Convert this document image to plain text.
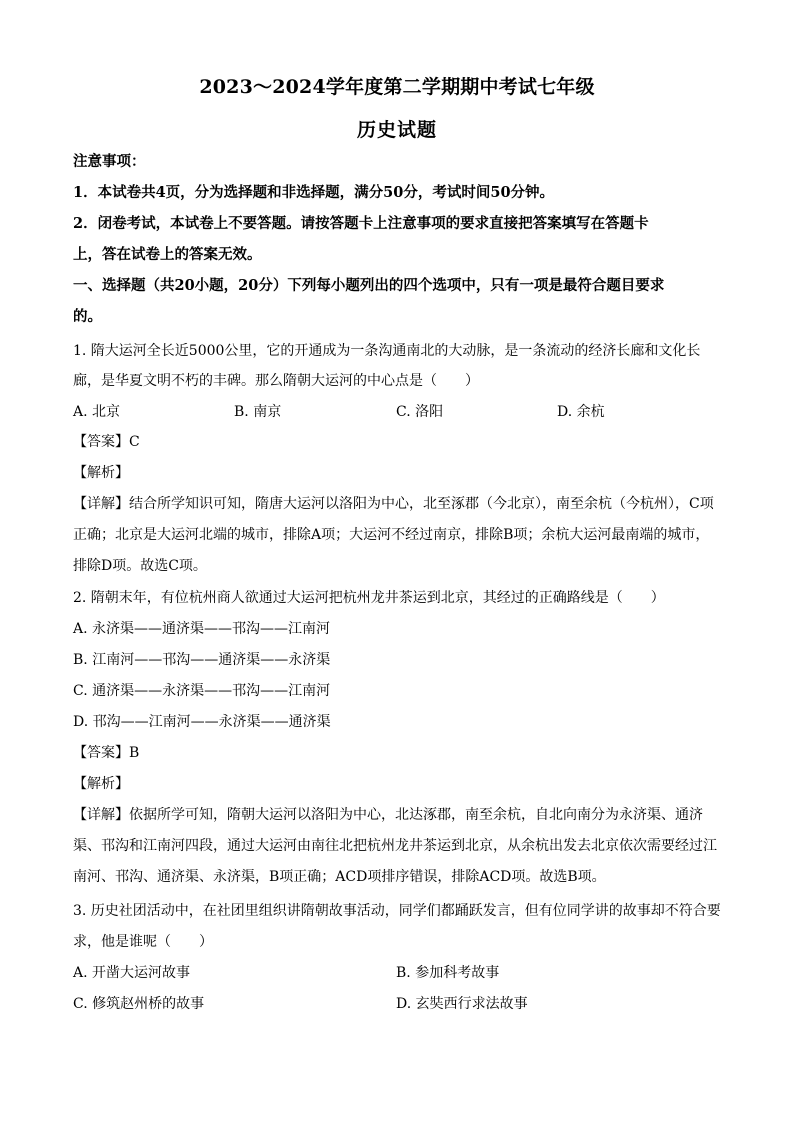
2023～2024学年度第二学期期中考试七年级
历史试题
注意事项：
1．本试卷共4页，分为选择题和非选择题，满分50分，考试时间50分钟。
2．闭卷考试，本试卷上不要答题。请按答题卡上注意事项的要求直接把答案填写在答题卡
上，答在试卷上的答案无效。
一、选择题（共20小题，20分）下列每小题列出的四个选项中，只有一项是最符合题目要求
的。
1. 隋大运河全长近5000公里，它的开通成为一条沟通南北的大动脉，是一条流动的经济长廊和文化长
廊，是华夏文明不朽的丰碑。那么隋朝大运河的中心点是（　　）
A. 北京	B. 南京	C. 洛阳	D. 余杭
【答案】C
【解析】
【详解】结合所学知识可知，隋唐大运河以洛阳为中心，北至涿郡（今北京），南至余杭（今杭州），C项
正确；北京是大运河北端的城市，排除A项；大运河不经过南京，排除B项；余杭大运河最南端的城市，
排除D项。故选C项。
2. 隋朝末年，有位杭州商人欲通过大运河把杭州龙井茶运到北京，其经过的正确路线是（　　）
A. 永济渠——通济渠——邗沟——江南河
B. 江南河——邗沟——通济渠——永济渠
C. 通济渠——永济渠——邗沟——江南河
D. 邗沟——江南河——永济渠——通济渠
【答案】B
【解析】
【详解】依据所学可知，隋朝大运河以洛阳为中心，北达涿郡，南至余杭，自北向南分为永济渠、通济
渠、邗沟和江南河四段，通过大运河由南往北把杭州龙井茶运到北京，从余杭出发去北京依次需要经过江
南河、邗沟、通济渠、永济渠，B项正确；ACD项排序错误，排除ACD项。故选B项。
3. 历史社团活动中，在社团里组织讲隋朝故事活动，同学们都踊跃发言，但有位同学讲的故事却不符合要
求，他是谁呢（　　）
A. 开凿大运河故事	B. 参加科考故事
C. 修筑赵州桥的故事	D. 玄奘西行求法故事
